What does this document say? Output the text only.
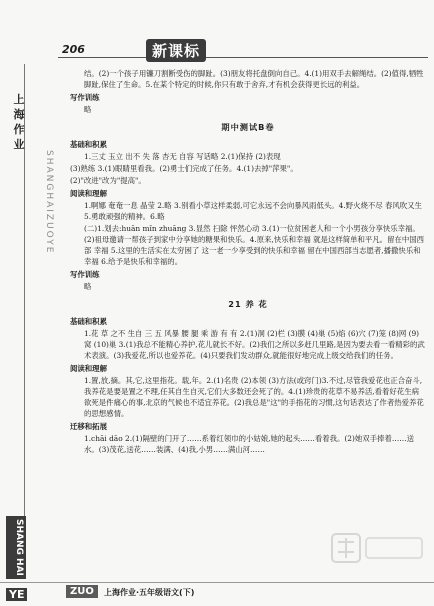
206	新课标
上
海
作
业
SHANGHAIZUOYE
SHANG HAI

结。(2)一个孩子用镰刀割断受伤的脚趾。(3)朋友将托盘倒向自己。4.(1)用双手去解绳结。(2)值得,牺牲脚趾,保住了生命。5.在某个特定的时候,你只有敢于舍弃,才有机会获得更长远的利益。

写作训练

略

期中测试B卷
基础和积累

1.三丈 玉立 出不 失 落 杏无 自容 写话略 2.(1)保持 (2)表现

(3)熟练 3.(1)眼睛里看我。(2)勇士们完成了任务。4.(1)去掉"萍果"。

(2)"改进"改为"提高"。

阅读和理解

1.啊娜 奄奄一息 晶莹 2.略 3.别看小草这样柔弱,可它永远不会向暴风雨低头。4.野火烧不尽 春风吹又生 5.勇敢顽强的精神。6.略

(二)1.划去:huān mǐn zhuāng 3.显然 扫除 怦然心动 3.(1)一位贫困老人和一个小男孩分享快乐幸福。(2)祖母邀请一帮孩子到家中分享她的糖果和快乐。4.原来,快乐和幸福 就是这样简单和平凡。留在中国西部 幸福 5.这里的生活实在太穷困了 这一老一少享受到的快乐和幸福 留在中国西部当志愿者,播撒快乐和幸福 6.给予是快乐和幸福的。

写作训练

略

21 养 花
基础和积累

1.花 草 之不 生自 三 五 风暴 腰 腿 乘 游 有 有 2.(1)洞 (2)栏 (3)膜 (4)巢 (5)焰 (6)穴 (7)笼 (8)网 (9)窝 (10)巢 3.(1)我总不能精心养护,花儿就长不好。(2)我们之所以多赶几里路,是因为要去看一看精彩的武术表演。(3)我爱花,所以也爱养花。(4)只要我们发动群众,就能很好地完成上级交给我们的任务。

阅读和理解

1.置,放,摘。其,它,这里指花。载,年。2.(1)名贵 (2)本领 (3)方法(或窍门)3.不过,尽管我爱花也正合奋斗,我养花是要是置之不理,任其自生自灭,它们大多数还会死了的。4.(1)珍贵的花草不易养活,看着好花生病欲死是件痛心的事,北京的气候也不适宜养花。(2)我总是"这"的手指花的习惯,这句话表达了作者热爱养花的思想感情。

迁移和拓展

1.chāi dāo 2.(1)隔壁的门开了……系着红领巾的小姑娘,她的起头……看着我。(2)她双手捧着……送水。(3)茂花,送花……装满、(4)我,小男……满山河……

YE	ZUO	上海作业·五年级语文(下)
